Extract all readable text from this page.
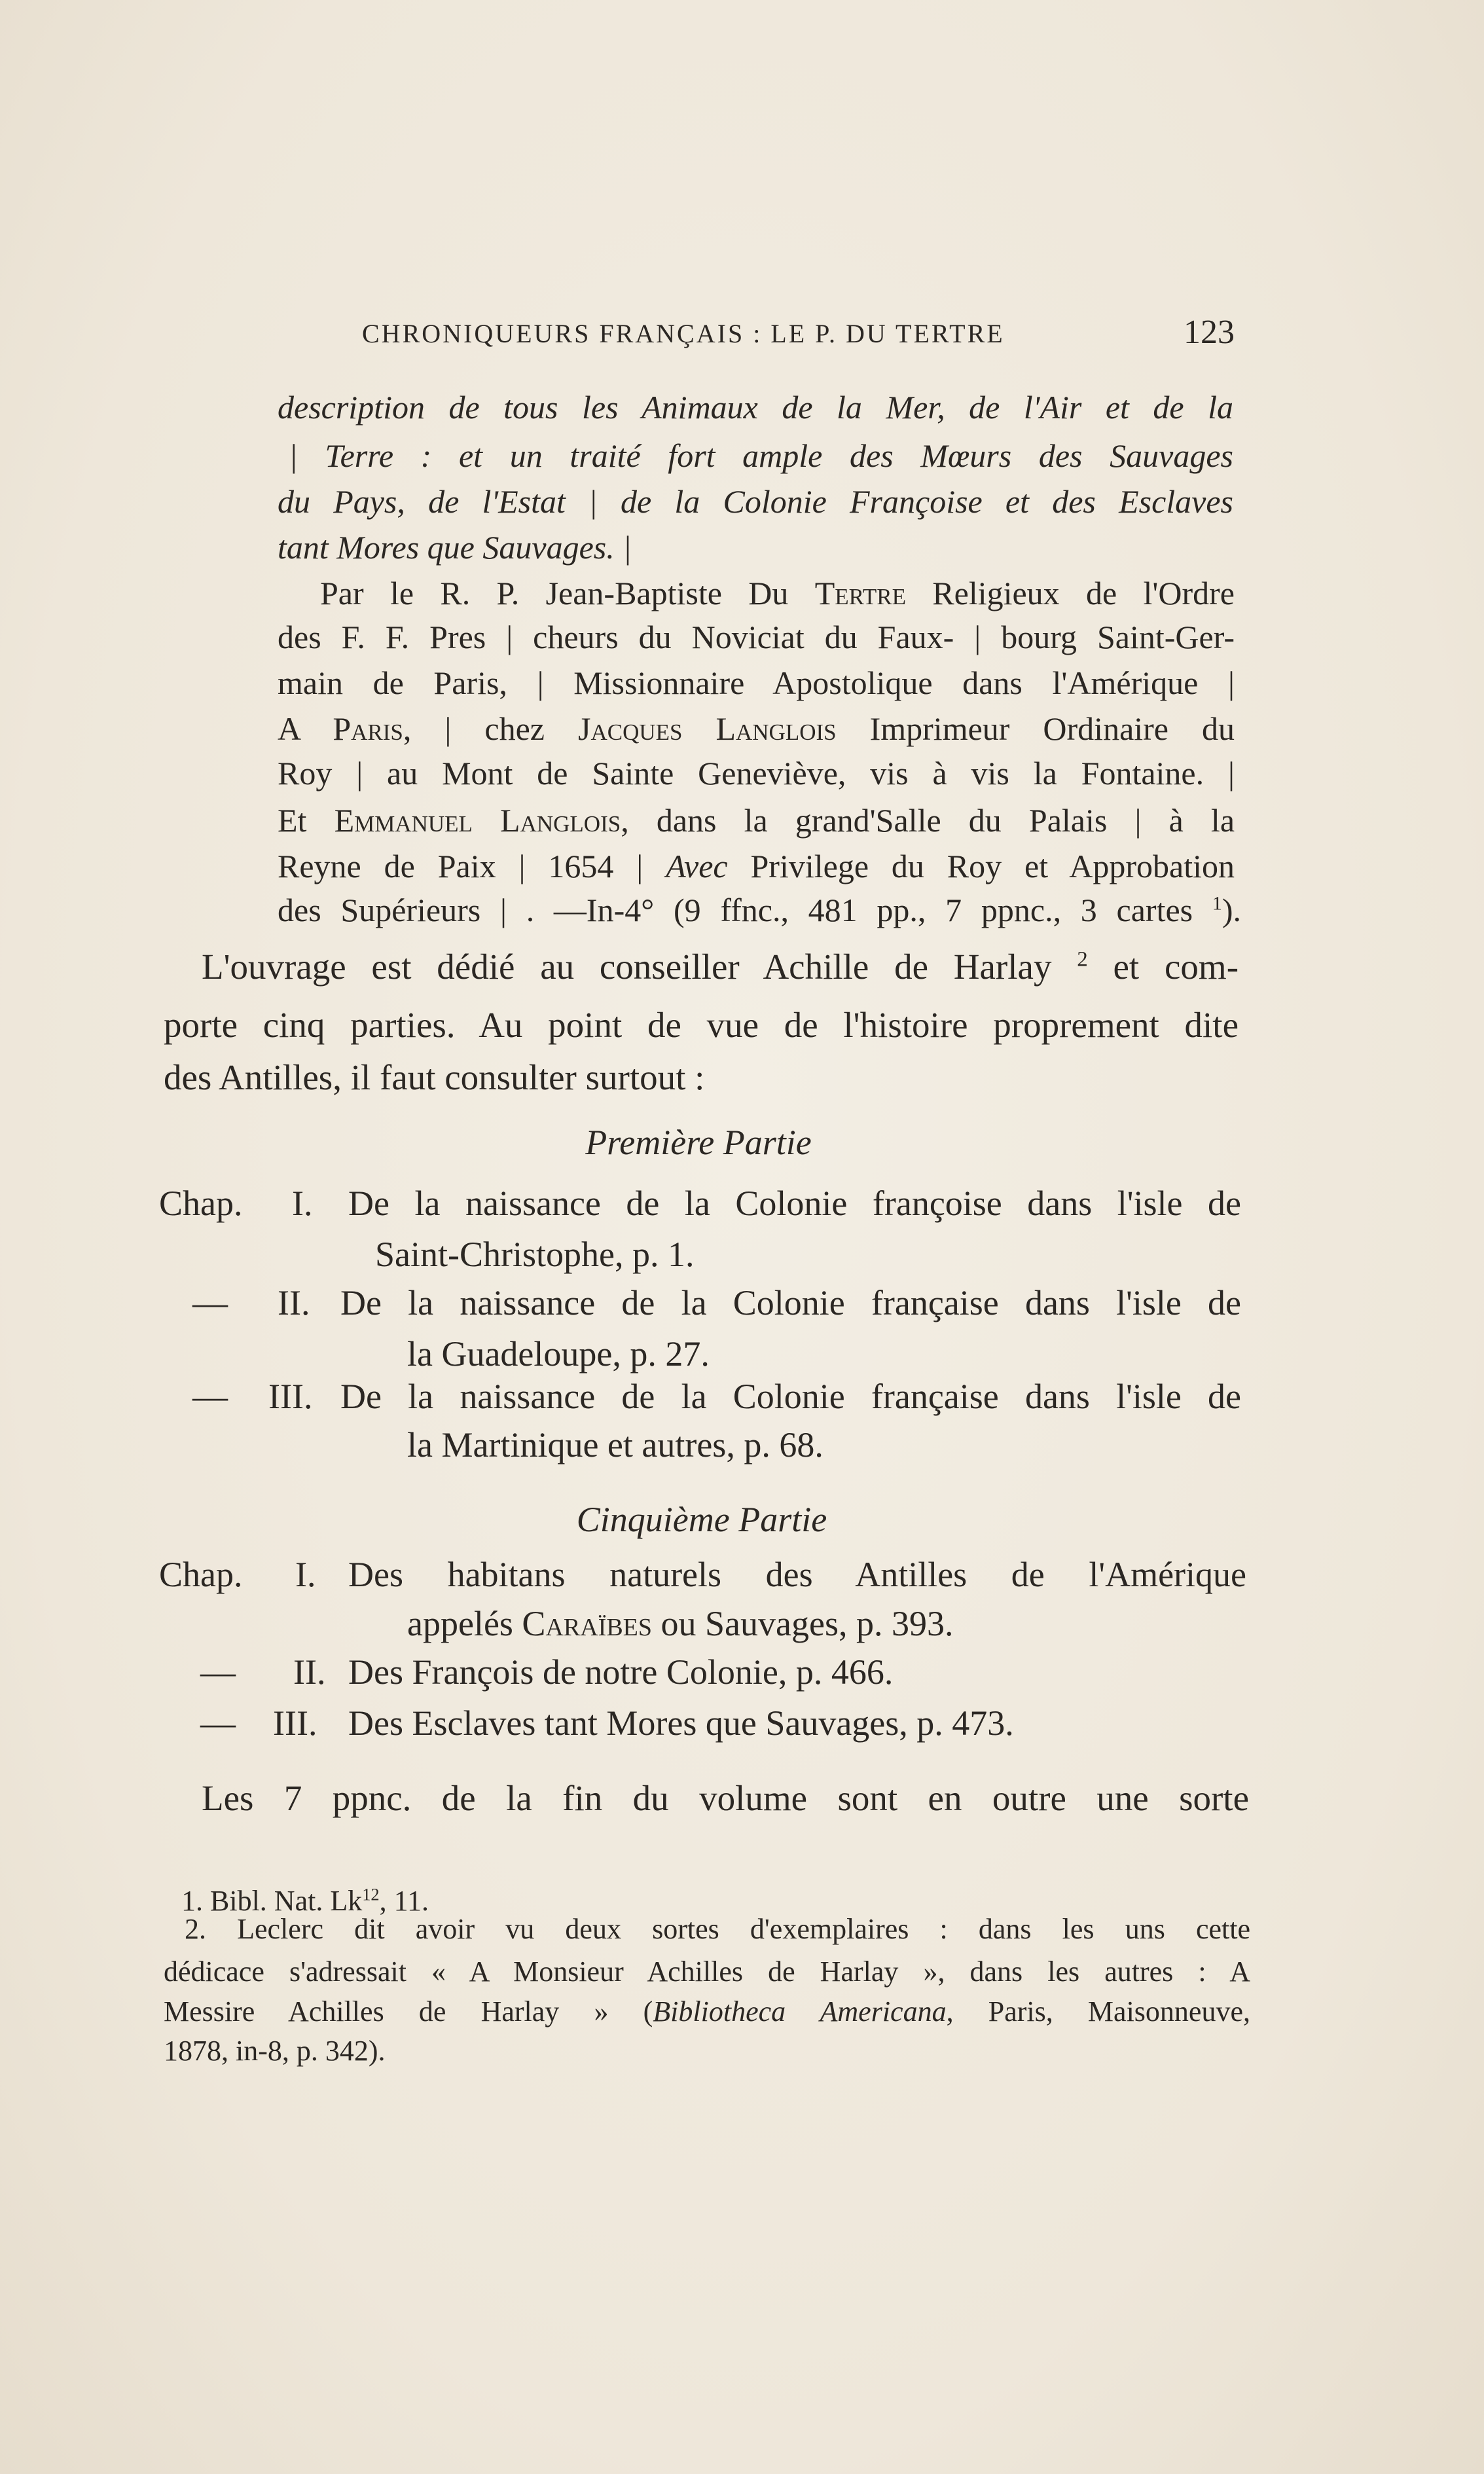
CHRONIQUEURS FRANÇAIS : LE P. DU TERTRE	123
description de tous les Animaux de la Mer, de l'Air et de la
| Terre : et un traité fort ample des Mœurs des Sauvages
du Pays, de l'Estat | de la Colonie Françoise et des Esclaves
tant Mores que Sauvages. |
Par le R. P. Jean-Baptiste Du Tertre Religieux de l'Ordre
des F. F. Pres | cheurs du Noviciat du Faux- | bourg Saint-Ger-
main de Paris, | Missionnaire Apostolique dans l'Amérique |
A Paris, | chez Jacques Langlois Imprimeur Ordinaire du
Roy | au Mont de Sainte Geneviève, vis à vis la Fontaine. |
Et Emmanuel Langlois, dans la grand'Salle du Palais | à la
Reyne de Paix | 1654 | Avec Privilege du Roy et Approbation
des Supérieurs | . —In-4° (9 ffnc., 481 pp., 7 ppnc., 3 cartes $^1$).
L'ouvrage est dédié au conseiller Achille de Harlay $^2$ et com-
porte cinq parties. Au point de vue de l'histoire proprement dite
des Antilles, il faut consulter surtout :
Première Partie
Chap. I. De la naissance de la Colonie françoise dans l'isle de
Saint-Christophe, p. 1.
— II. De la naissance de la Colonie française dans l'isle de
la Guadeloupe, p. 27.
— III. De la naissance de la Colonie française dans l'isle de
la Martinique et autres, p. 68.
Cinquième Partie
Chap. I. Des habitans naturels des Antilles de l'Amérique
appelés Caraïbes ou Sauvages, p. 393.
— II. Des François de notre Colonie, p. 466.
— III. Des Esclaves tant Mores que Sauvages, p. 473.
Les 7 ppnc. de la fin du volume sont en outre une sorte
1. Bibl. Nat. Lk$^{12}$, 11.
2. Leclerc dit avoir vu deux sortes d'exemplaires : dans les uns cette
dédicace s'adressait « A Monsieur Achilles de Harlay », dans les autres : A
Messire Achilles de Harlay » (Bibliotheca Americana, Paris, Maisonneuve,
1878, in-8, p. 342).
